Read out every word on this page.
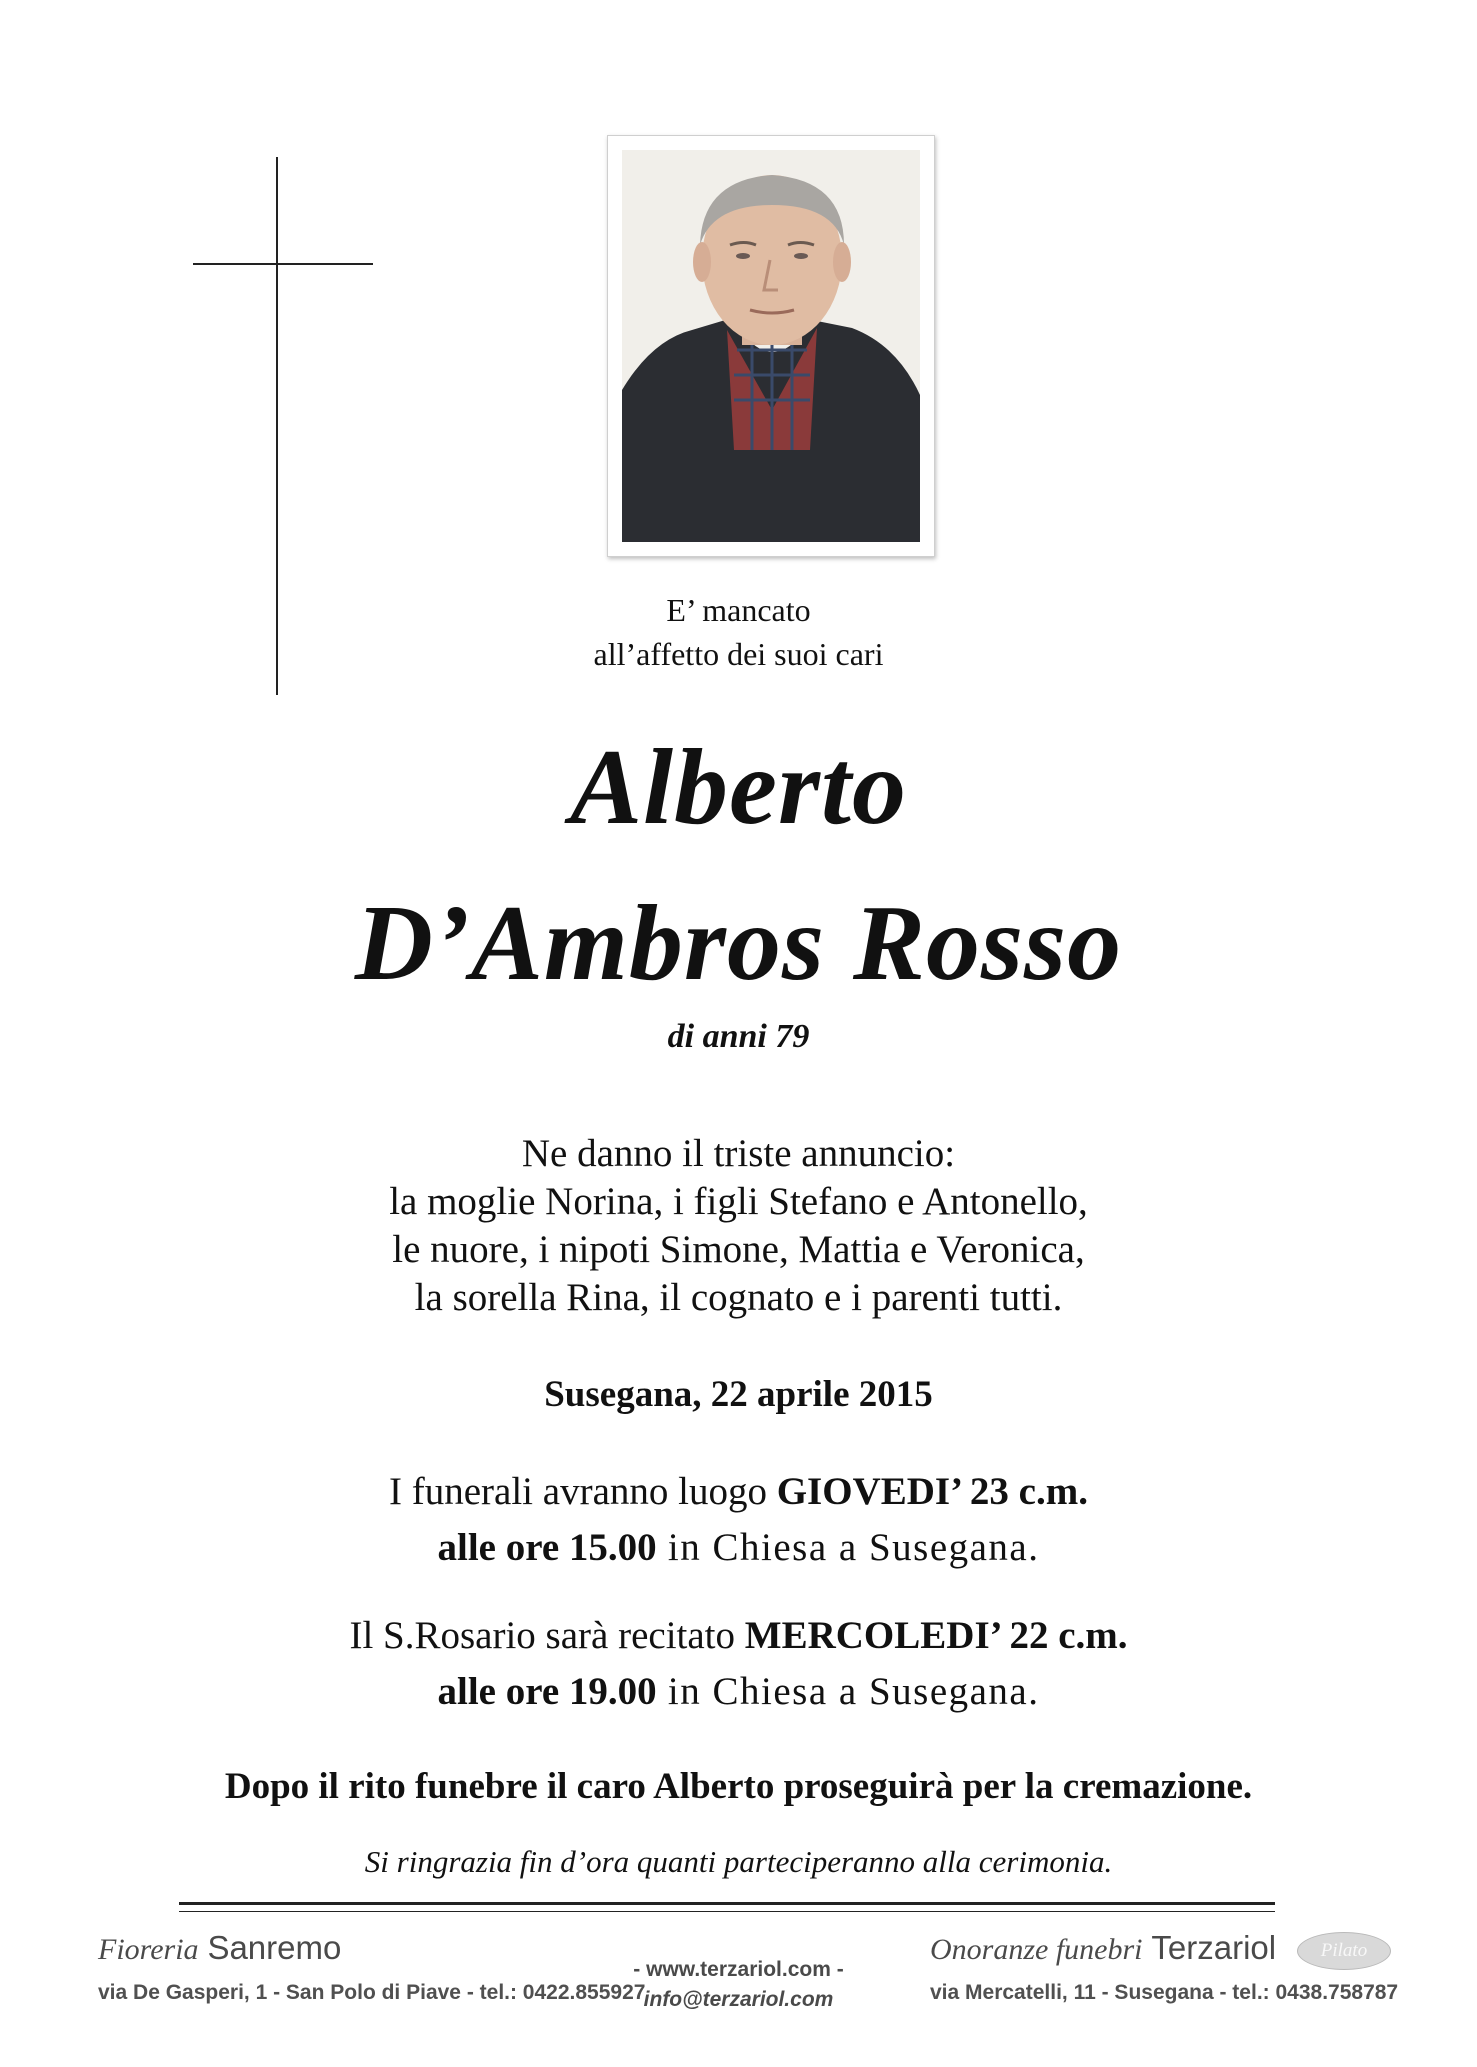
E’ mancato
all’affetto dei suoi cari
Alberto
D’Ambros Rosso
di anni 79
Ne danno il triste annuncio:
la moglie Norina, i figli Stefano e Antonello,
le nuore, i nipoti Simone, Mattia e Veronica,
la sorella Rina, il cognato e i parenti tutti.
Susegana, 22 aprile 2015
I funerali avranno luogo GIOVEDI’ 23 c.m.
alle ore 15.00 in Chiesa a Susegana.
Il S.Rosario sarà recitato MERCOLEDI’ 22 c.m.
alle ore 19.00 in Chiesa a Susegana.
Dopo il rito funebre il caro Alberto proseguirà per la cremazione.
Si ringrazia fin d’ora quanti parteciperanno alla cerimonia.
Fioreria Sanremo
via De Gasperi, 1 - San Polo di Piave - tel.: 0422.855927
- www.terzariol.com -
info@terzariol.com
Onoranze funebri Terzariol Pilato
via Mercatelli, 11 - Susegana - tel.: 0438.758787
